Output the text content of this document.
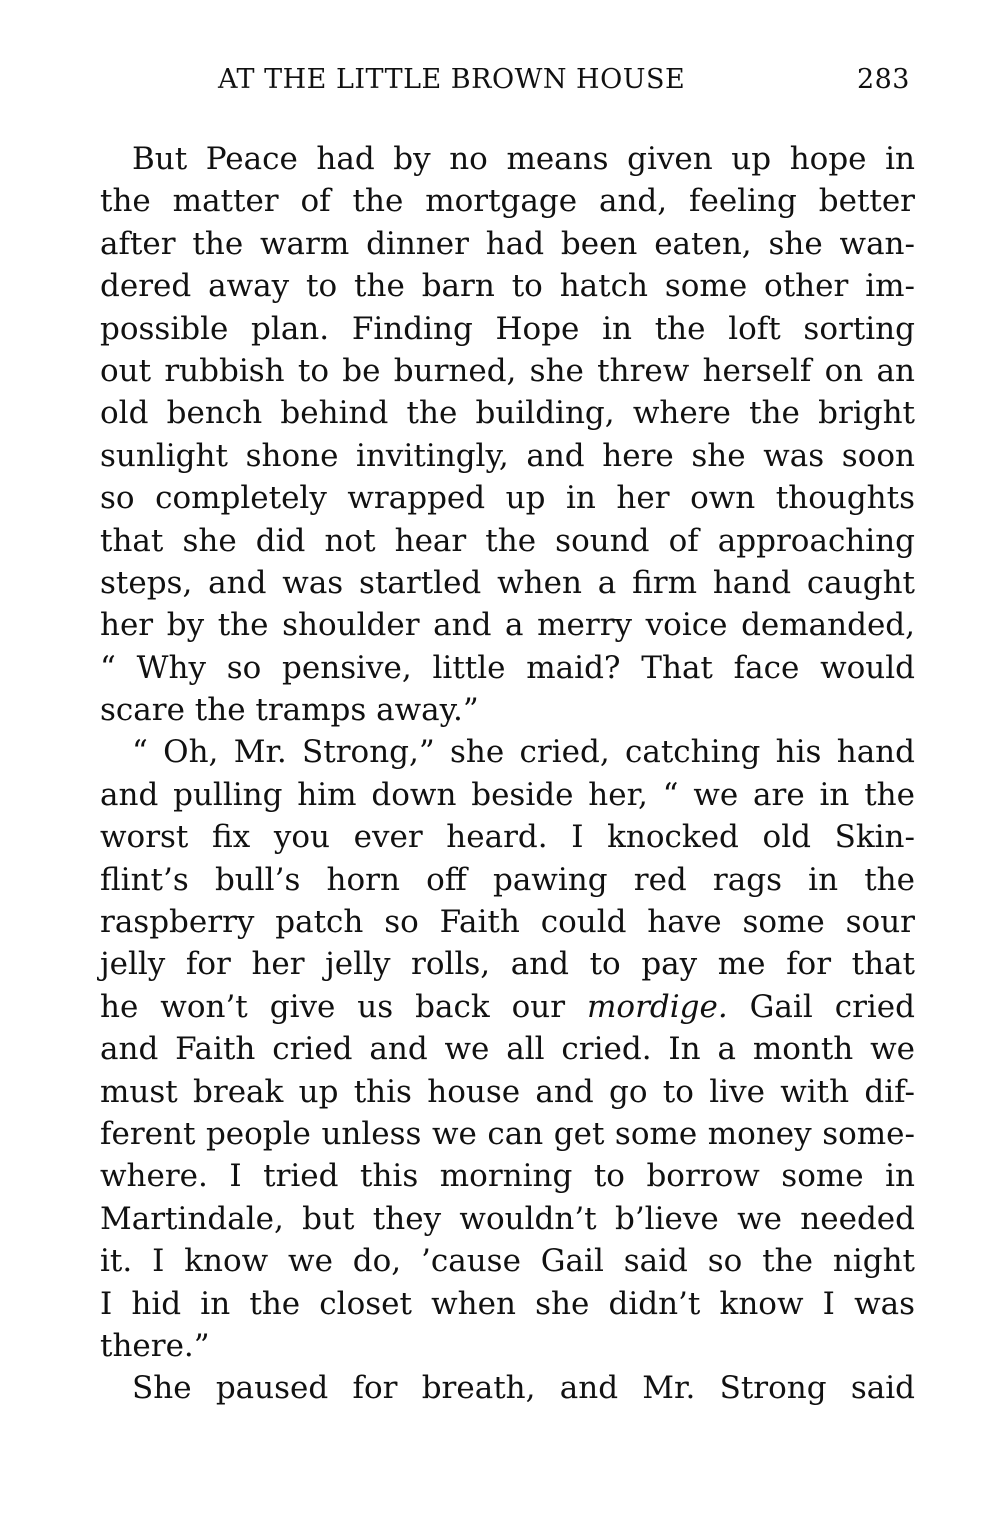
AT THE LITTLE BROWN HOUSE	283
But Peace had by no means given up hope in
the matter of the mortgage and, feeling better
after the warm dinner had been eaten, she wan-
dered away to the barn to hatch some other im-
possible plan. Finding Hope in the loft sorting
out rubbish to be burned, she threw herself on an
old bench behind the building, where the bright
sunlight shone invitingly, and here she was soon
so completely wrapped up in her own thoughts
that she did not hear the sound of approaching
steps, and was startled when a firm hand caught
her by the shoulder and a merry voice demanded,
“ Why so pensive, little maid? That face would
scare the tramps away.”
“ Oh, Mr. Strong,” she cried, catching his hand
and pulling him down beside her, “ we are in the
worst fix you ever heard. I knocked old Skin-
flint’s bull’s horn off pawing red rags in the
raspberry patch so Faith could have some sour
jelly for her jelly rolls, and to pay me for that
he won’t give us back our mordige. Gail cried
and Faith cried and we all cried. In a month we
must break up this house and go to live with dif-
ferent people unless we can get some money some-
where. I tried this morning to borrow some in
Martindale, but they wouldn’t b’lieve we needed
it. I know we do, ’cause Gail said so the night
I hid in the closet when she didn’t know I was
there.”
She paused for breath, and Mr. Strong said
